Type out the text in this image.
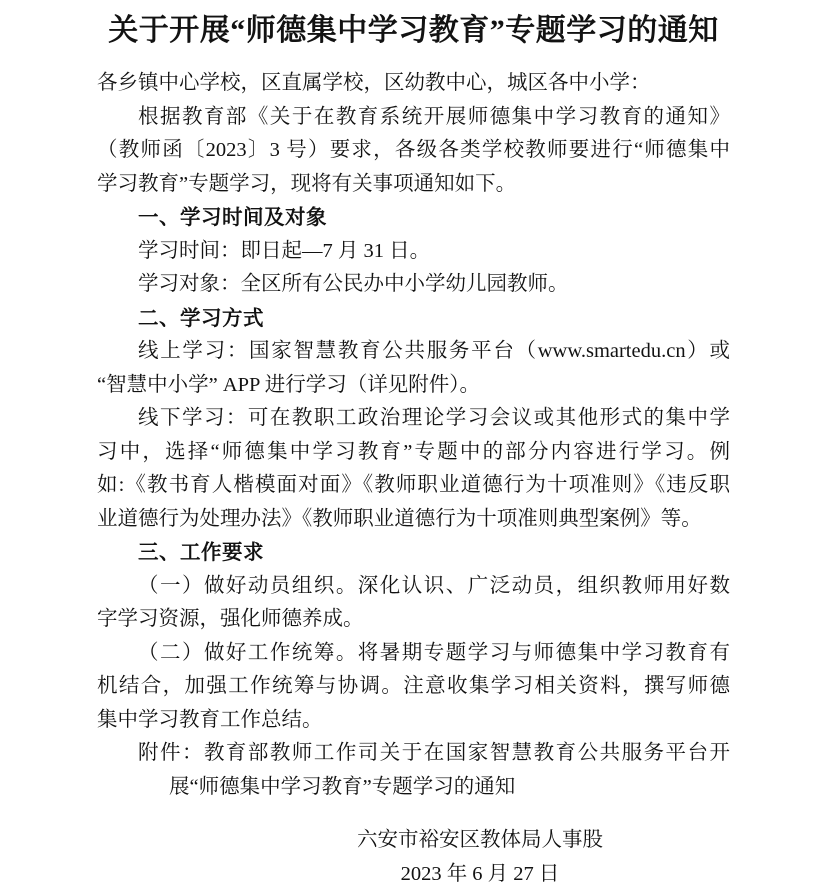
关于开展“师德集中学习教育”专题学习的通知
各乡镇中心学校，区直属学校，区幼教中心，城区各中小学：
根据教育部《关于在教育系统开展师德集中学习教育的通知》
（教师函〔2023〕3 号）要求，各级各类学校教师要进行“师德集中
学习教育”专题学习，现将有关事项通知如下。
一、学习时间及对象
学习时间：即日起—7 月 31 日。
学习对象：全区所有公民办中小学幼儿园教师。
二、学习方式
线上学习：国家智慧教育公共服务平台（www.smartedu.cn）或
“智慧中小学” APP 进行学习（详见附件）。
线下学习：可在教职工政治理论学习会议或其他形式的集中学
习中，选择“师德集中学习教育”专题中的部分内容进行学习。例
如:《教书育人楷模面对面》《教师职业道德行为十项准则》《违反职
业道德行为处理办法》《教师职业道德行为十项准则典型案例》等。
三、工作要求
（一）做好动员组织。深化认识、广泛动员，组织教师用好数
字学习资源，强化师德养成。
（二）做好工作统筹。将暑期专题学习与师德集中学习教育有
机结合，加强工作统筹与协调。注意收集学习相关资料，撰写师德
集中学习教育工作总结。
附件：教育部教师工作司关于在国家智慧教育公共服务平台开
展“师德集中学习教育”专题学习的通知
六安市裕安区教体局人事股
2023 年 6 月 27 日
